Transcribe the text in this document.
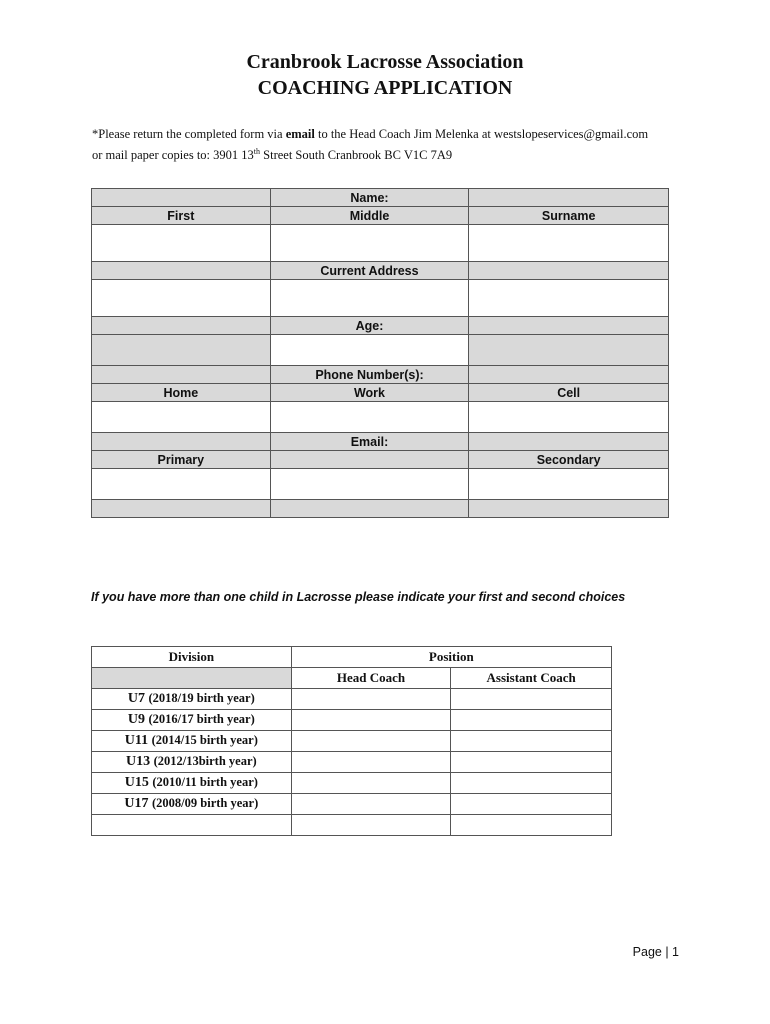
Cranbrook Lacrosse Association
COACHING APPLICATION
*Please return the completed form via email to the Head Coach Jim Melenka at westslopeservices@gmail.com
or mail paper copies to: 3901 13th Street South Cranbrook BC V1C 7A9
	Name:	
First	Middle	Surname

	Current Address	

	Age:	

	Phone Number(s):	
Home	Work	Cell

	Email:	
Primary		Secondary

If you have more than one child in Lacrosse please indicate your first and second choices
Division	Position	
	Head Coach	Assistant Coach
U7 (2018/19 birth year)		
U9 (2016/17 birth year)		
U11 (2014/15 birth year)		
U13 (2012/13birth year)		
U15 (2010/11 birth year)		
U17 (2008/09 birth year)		

Page | 1
